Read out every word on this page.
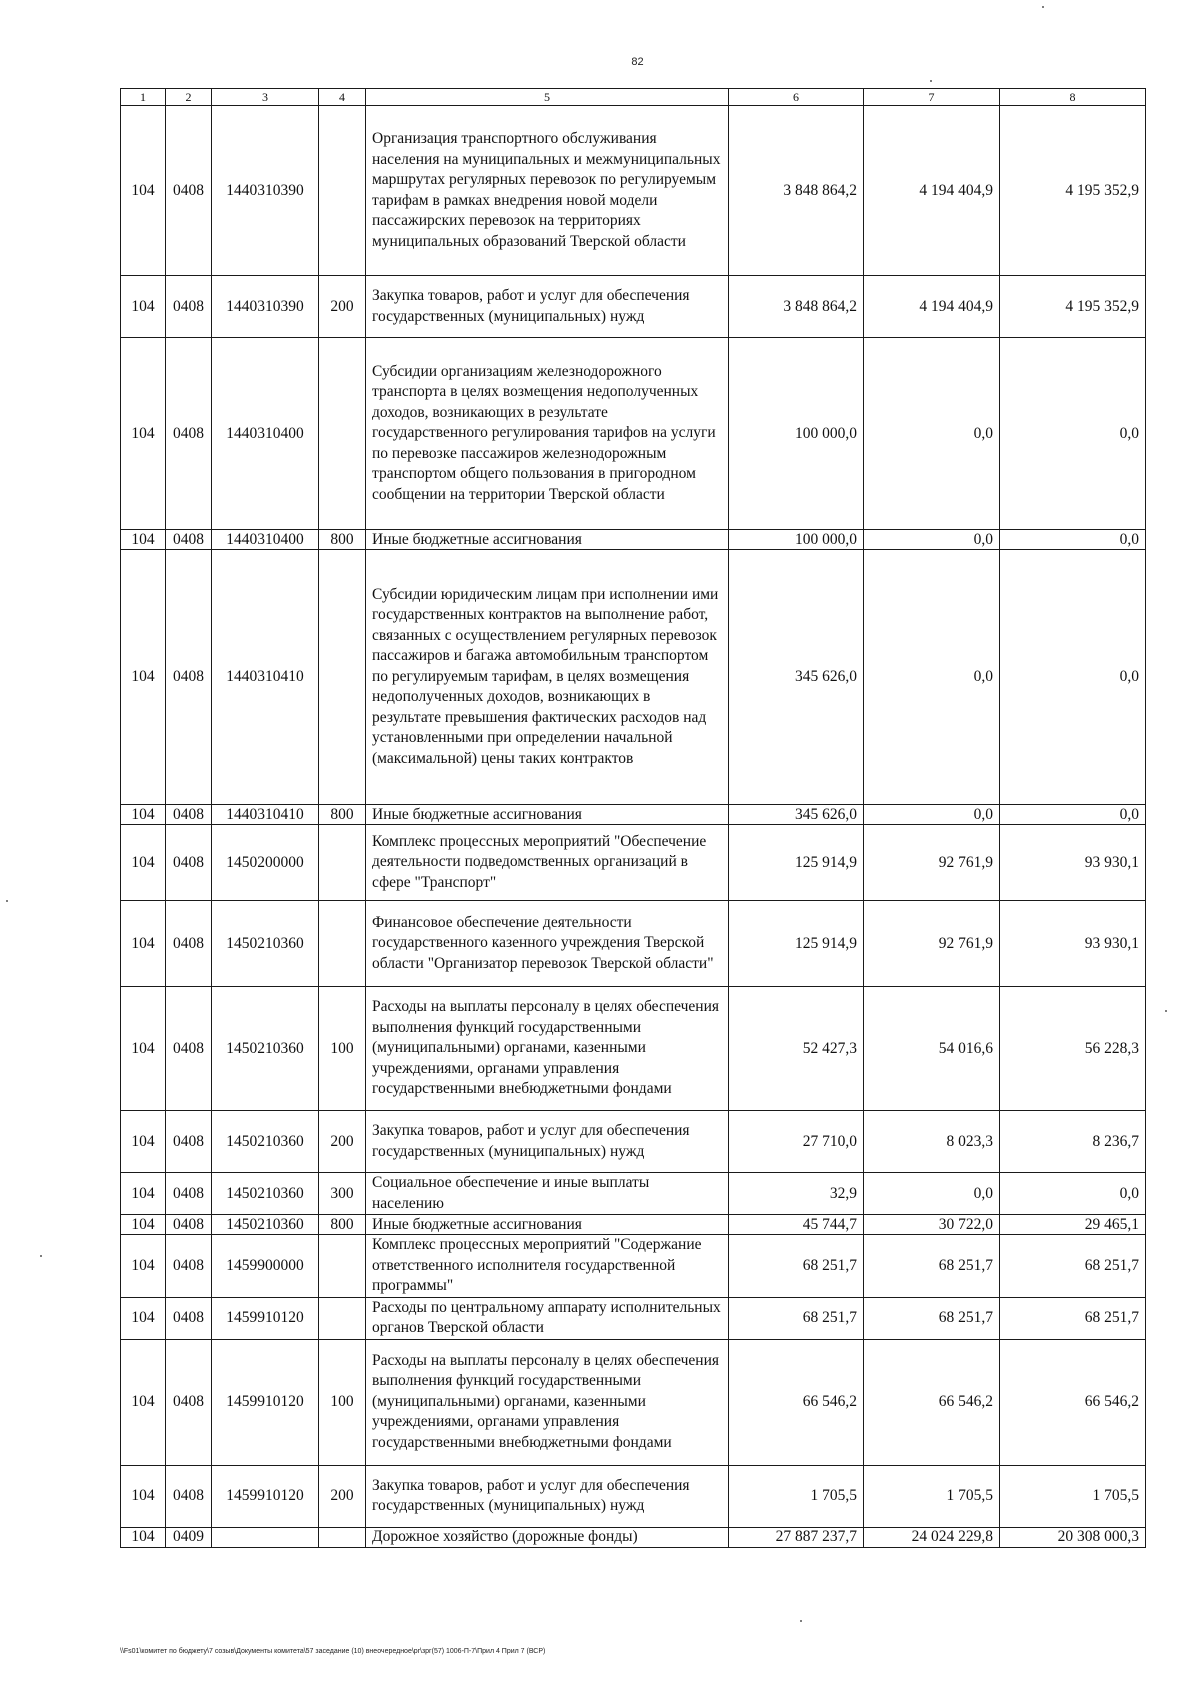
82
1	2	3	4	5	6	7	8
104	0408	1440310390		Организация транспортного обслуживания населения на муниципальных и межмуниципальных маршрутах регулярных перевозок по регулируемым тарифам в рамках внедрения новой модели пассажирских перевозок на территориях муниципальных образований Тверской области	3 848 864,2	4 194 404,9	4 195 352,9
104	0408	1440310390	200	Закупка товаров, работ и услуг для обеспечения государственных (муниципальных) нужд	3 848 864,2	4 194 404,9	4 195 352,9
104	0408	1440310400		Субсидии организациям железнодорожного транспорта в целях возмещения недополученных доходов, возникающих в результате государственного регулирования тарифов на услуги по перевозке пассажиров железнодорожным транспортом общего пользования в пригородном сообщении на территории Тверской области	100 000,0	0,0	0,0
104	0408	1440310400	800	Иные бюджетные ассигнования	100 000,0	0,0	0,0
104	0408	1440310410		Субсидии юридическим лицам при исполнении ими государственных контрактов на выполнение работ, связанных с осуществлением регулярных перевозок пассажиров и багажа автомобильным транспортом по регулируемым тарифам, в целях возмещения недополученных доходов, возникающих в результате превышения фактических расходов над установленными при определении начальной (максимальной) цены таких контрактов	345 626,0	0,0	0,0
104	0408	1440310410	800	Иные бюджетные ассигнования	345 626,0	0,0	0,0
104	0408	1450200000		Комплекс процессных мероприятий "Обеспечение деятельности подведомственных организаций в сфере "Транспорт"	125 914,9	92 761,9	93 930,1
104	0408	1450210360		Финансовое обеспечение деятельности государственного казенного учреждения Тверской области "Организатор перевозок Тверской области"	125 914,9	92 761,9	93 930,1
104	0408	1450210360	100	Расходы на выплаты персоналу в целях обеспечения выполнения функций государственными (муниципальными) органами, казенными учреждениями, органами управления государственными внебюджетными фондами	52 427,3	54 016,6	56 228,3
104	0408	1450210360	200	Закупка товаров, работ и услуг для обеспечения государственных (муниципальных) нужд	27 710,0	8 023,3	8 236,7
104	0408	1450210360	300	Социальное обеспечение и иные выплаты населению	32,9	0,0	0,0
104	0408	1450210360	800	Иные бюджетные ассигнования	45 744,7	30 722,0	29 465,1
104	0408	1459900000		Комплекс процессных мероприятий "Содержание ответственного исполнителя государственной программы"	68 251,7	68 251,7	68 251,7
104	0408	1459910120		Расходы по центральному аппарату исполнительных органов Тверской области	68 251,7	68 251,7	68 251,7
104	0408	1459910120	100	Расходы на выплаты персоналу в целях обеспечения выполнения функций государственными (муниципальными) органами, казенными учреждениями, органами управления государственными внебюджетными фондами	66 546,2	66 546,2	66 546,2
104	0408	1459910120	200	Закупка товаров, работ и услуг для обеспечения государственных (муниципальных) нужд	1 705,5	1 705,5	1 705,5
104	0409			Дорожное хозяйство (дорожные фонды)	27 887 237,7	24 024 229,8	20 308 000,3
\\Fs01\комитет по бюджету\7 созыв\Документы комитета\57 заседание (10) внеочередное\pr\зрг(57) 1006-П-7\Прил 4 Прил 7 (ВСР)
